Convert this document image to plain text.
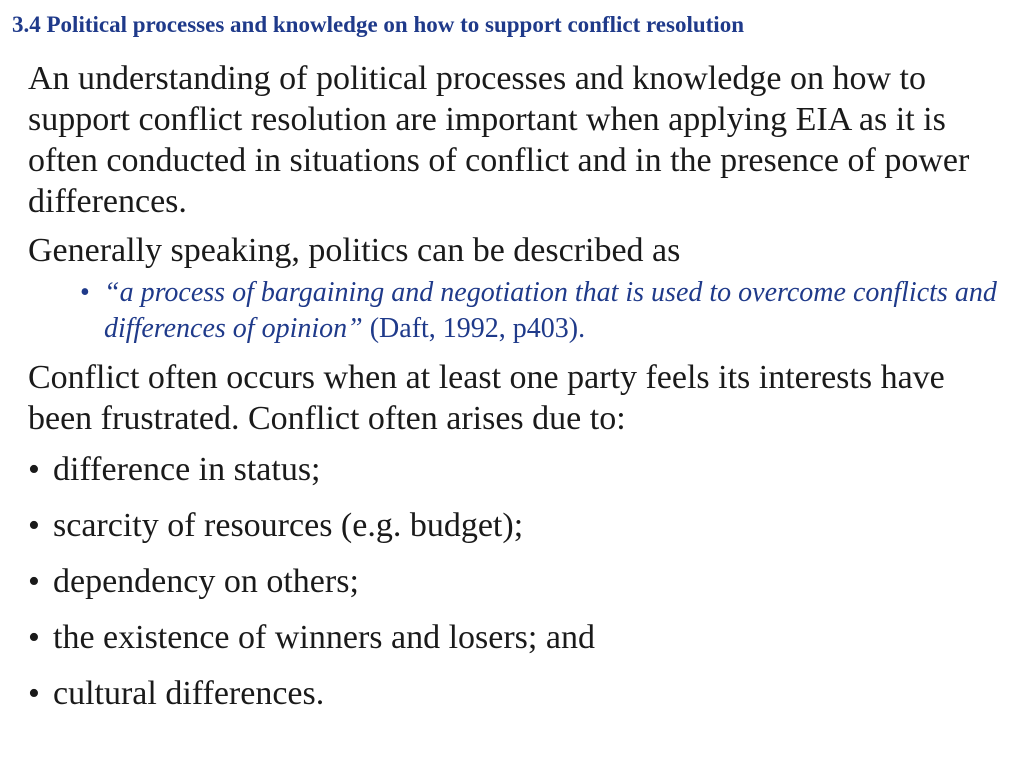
3.4 Political processes and knowledge on how to support conflict resolution

An understanding of political processes and knowledge on how to support conflict resolution are important when applying EIA as it is often conducted in situations of conflict and in the presence of power differences.

Generally speaking, politics can be described as

• “a process of bargaining and negotiation that is used to overcome conflicts and differences of opinion” (Daft, 1992, p403).

Conflict often occurs when at least one party feels its interests have been frustrated. Conflict often arises due to:

• difference in status;
• scarcity of resources (e.g. budget);
• dependency on others;
• the existence of winners and losers; and
• cultural differences.
